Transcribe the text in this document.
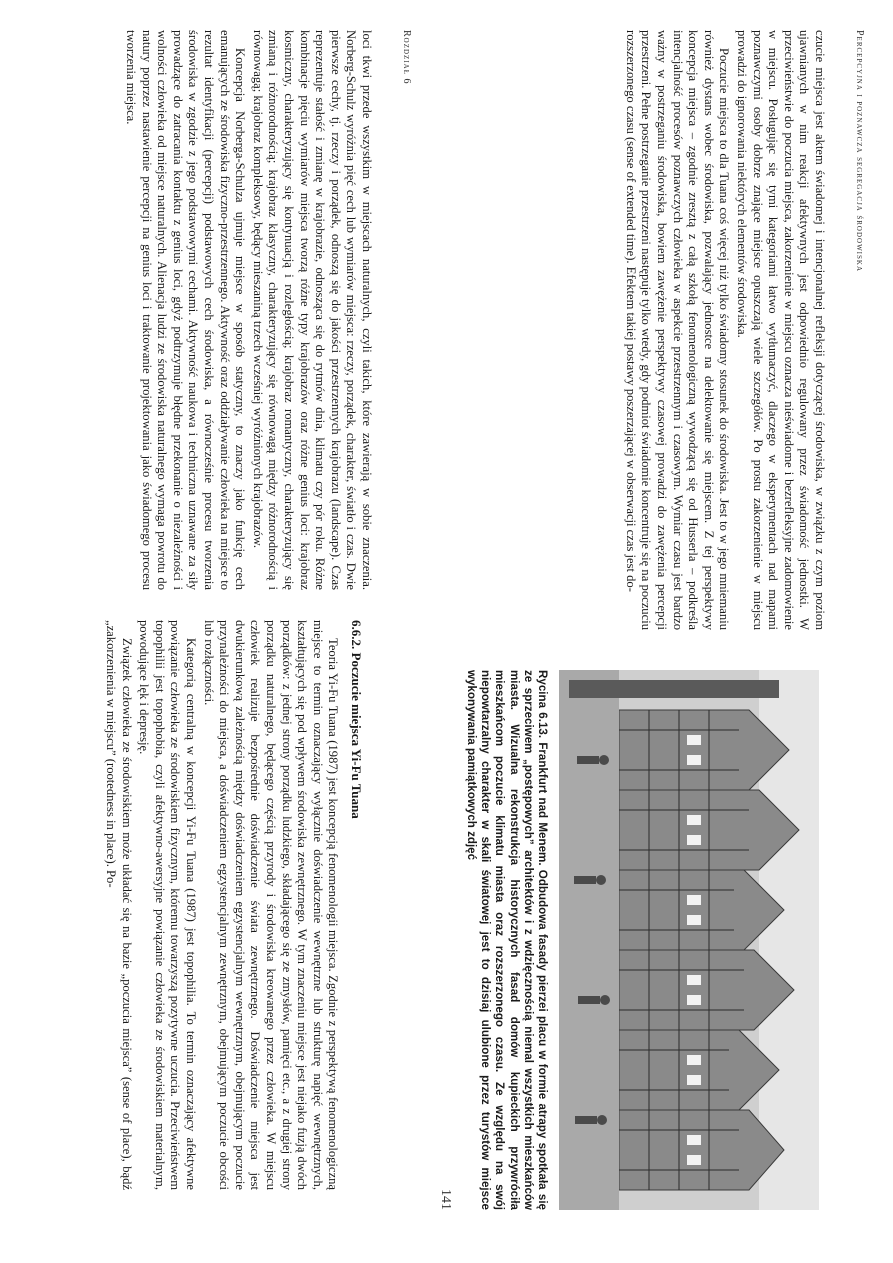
Rozdział 6

loci tkwi przede wszystkim w miejscach naturalnych, czyli takich, które zawierają w sobie znaczenia. Norberg-Schulz wyróżnia pięć cech lub wymiarów miejsca: rzeczy, porządek, charakter, światło i czas. Dwie pierwsze cechy, tj. rzeczy i porządek, odnoszą się do jakości przestrzennych krajobrazu (landscape). Czas reprezentuje stałość i zmianę w krajobrazie, odnosząca się do rytmów dnia, klimatu czy pór roku. Różne kombinacje pięciu wymiarów miejsca tworzą różne typy krajobrazów oraz różne genius loci: krajobraz kosmiczny, charakteryzujący się kontynuacją i rozległością; krajobraz romantyczny, charakteryzujący się zmianą i różnorodnością; krajobraz klasyczny, charakteryzujący się równowagą między różnorodnością i równowagą; krajobraz kompleksowy, będący mieszaniną trzech wcześniej wyróżnionych krajobrazów.

Koncepcja Norberga-Schulza ujmuje miejsce w sposób statyczny, to znaczy jako funkcję cech emanujących ze środowiska fizyczno-przestrzennego. Aktywność oraz oddziaływanie człowieka na miejsce to rezultat identyfikacji (percepcji) podstawowych cech środowiska, a równocześnie procesu tworzenia środowiska w zgodzie z jego podstawowymi cechami. Aktywność naukowa i techniczna uznawane za siły prowadzące do zatracania kontaktu z genius loci, gdyż podtrzymuje błędne przekonanie o niezależności i wolności człowieka od miejsce naturalnych. Alienacja ludzi ze środowiska naturalnego wymaga powrotu do natury poprzez nastawienie percepcji na genius loci i traktowanie projektowania jako świadomego procesu tworzenia miejsca.

6.6.2. Poczucie miejsca Yi-Fu Tuana

Teoria Yi-Fu Tuana (1987) jest koncepcją fenomenologii miejsca. Zgodnie z perspektywą fenomenologiczną miejsce to termin oznaczający wyłącznie doświadczenie wewnętrzne lub strukturę napięć wewnętrznych, kształtujących się pod wpływem środowiska zewnętrznego. W tym znaczeniu miejsce jest niejako fuzją dwóch porządków: z jednej strony porządku ludzkiego, składającego się ze zmysłów, pamięci etc., a z drugiej strony porządku naturalnego, będącego częścią przyrody i środowiska kreowanego przez człowieka. W miejscu człowiek realizuje bezpośrednie doświadczenie świata zewnętrznego. Doświadczenie miejsca jest dwukierunkową zależnością między doświadczeniem egzystencjalnym wewnętrznym, obejmującym poczucie przynależności do miejsca, a doświadczeniem egzystencjalnym zewnętrznym, obejmującym poczucie obcości lub rozłączności.

Kategorią centralną w koncepcji Yi-Fu Tuana (1987) jest topophilia. To termin oznaczający afektywne powiązanie człowieka ze środowiskiem fizycznym, któremu towarzyszą pozytywne uczucia. Przeciwieństwem topophilii jest topophobia, czyli afektywno-awersyjne powiązanie człowieka ze środowiskiem materialnym, powodujące lęk i depresję.

Związek człowieka ze środowiskiem może układać się na bazie „poczucia miejsca” (sense of place), bądź „zakorzenienia w miejscu” (rootedness in place). Po-

Percepcyjna i poznawcza segregacja środowiska

czucie miejsca jest aktem świadomej i intencjonalnej refleksji dotyczącej środowiska, w związku z czym poziom ujawnianych w nim reakcji afektywnych jest odpowiednio regulowany przez świadomość jednostki. W przeciwieństwie do poczucia miejsca, zakorzenienie w miejscu oznacza nieświadome i bezrefleksyjne zadomowienie w miejscu. Posługując się tymi kategoriami łatwo wytłumaczyć, dlaczego w eksperymentach nad mapami poznawczymi osoby dobrze znające miejsce opuszczają wiele szczegółów. Po prostu zakorzenienie w miejscu prowadzi do ignorowania niektórych elementów środowiska.

Poczucie miejsca to dla Tuana coś więcej niż tylko świadomy stosunek do środowiska. Jest to w jego mniemaniu również dystans wobec środowiska, pozwalający jednostce na delektowanie się miejscem. Z tej perspektywy koncepcja miejsca – zgodnie zresztą z całą szkołą fenomenologiczną wywodzącą się od Husserla – podkreśla intencjalność procesów poznawczych człowieka w aspekcie przestrzennym i czasowym. Wymiar czasu jest bardzo ważny w postrzeganiu środowiska, bowiem zawężenie perspektywy czasowej prowadzi do zawężenia percepcji przestrzeni. Pełne postrzeganie przestrzeni następuje tylko wtedy, gdy podmiot świadomie koncentruje się na poczuciu rozszerzonego czasu (sense of extended time). Efektem takiej postawy poszerzającej w obserwacji czas jest do-

Rycina 6.13. Frankfurt nad Menem. Odbudowa fasady pierzei placu w formie atrapy spotkała się ze sprzeciwem „postępowych” architektów i z wdzięcznością niemal wszystkich mieszkańców miasta. Wizualna rekonstrukcja historycznych fasad domów kupieckich przywróciła mieszkańcom poczucie klimatu miasta oraz rozszerzonego czasu. Ze względu na swój niepowtarzalny charakter w skali światowej jest to dzisiaj ulubione przez turystów miejsce wykonywania pamiątkowych zdjęć
141
